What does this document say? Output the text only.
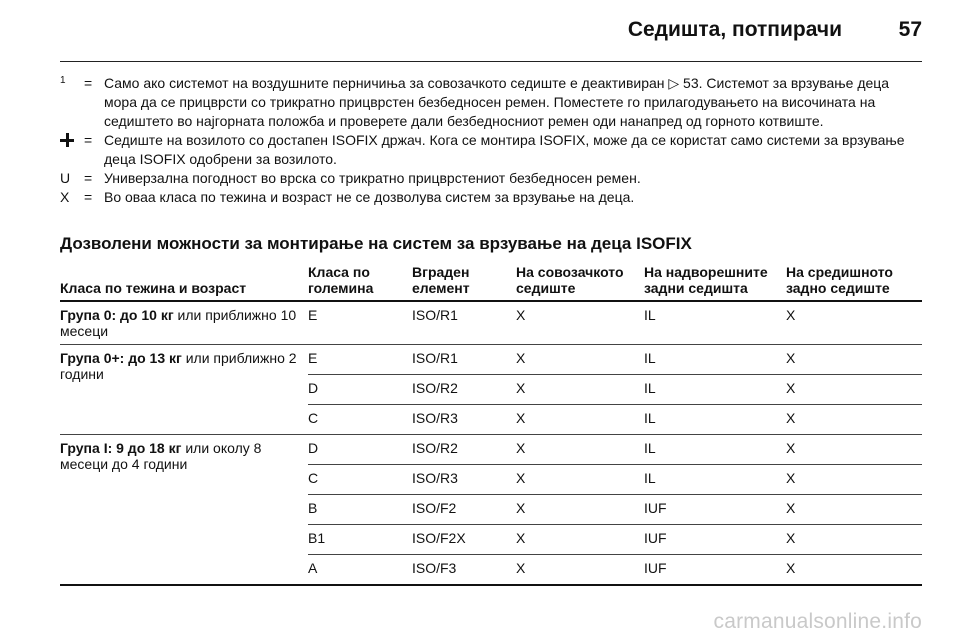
Седишта, потпирачи	57
1	= Само ако системот на воздушните перничиња за совозачкото седиште е деактивиран ▷ 53. Системот за врзување деца мора да се прицврсти со трикратно прицврстен безбедносен ремен. Поместете го прилагодувањето на височината на седиштето во најгорната положба и проверете дали безбедносниот ремен оди нанапред од горното котвиште.
= Седиште на возилото со достапен ISOFIX држач. Кога се монтира ISOFIX, може да се користат само системи за врзување деца ISOFIX одобрени за возилото.
U = Универзална погодност во врска со трикратно прицврстениот безбедносен ремен.
X	= Во оваа класа по тежина и возраст не се дозволува систем за врзување на деца.
Дозволени можности за монтирање на систем за врзување на деца ISOFIX
Класа по тежина и возраст	Класа по големина	Вграден елемент	На совозачкото седиште	На надворешните задни седишта	На средишното задно седиште
Група 0: до 10 кг или приближно 10 месеци	E	ISO/R1	X	IL	X
Група 0+: до 13 кг или приближно 2 години	E	ISO/R1	X	IL	X
	D	ISO/R2	X	IL	X
	C	ISO/R3	X	IL	X
Група I: 9 до 18 кг или околу 8 месеци до 4 години	D	ISO/R2	X	IL	X
	C	ISO/R3	X	IL	X
	B	ISO/F2	X	IUF	X
	B1	ISO/F2X	X	IUF	X
	A	ISO/F3	X	IUF	X
carmanualsonline.info
